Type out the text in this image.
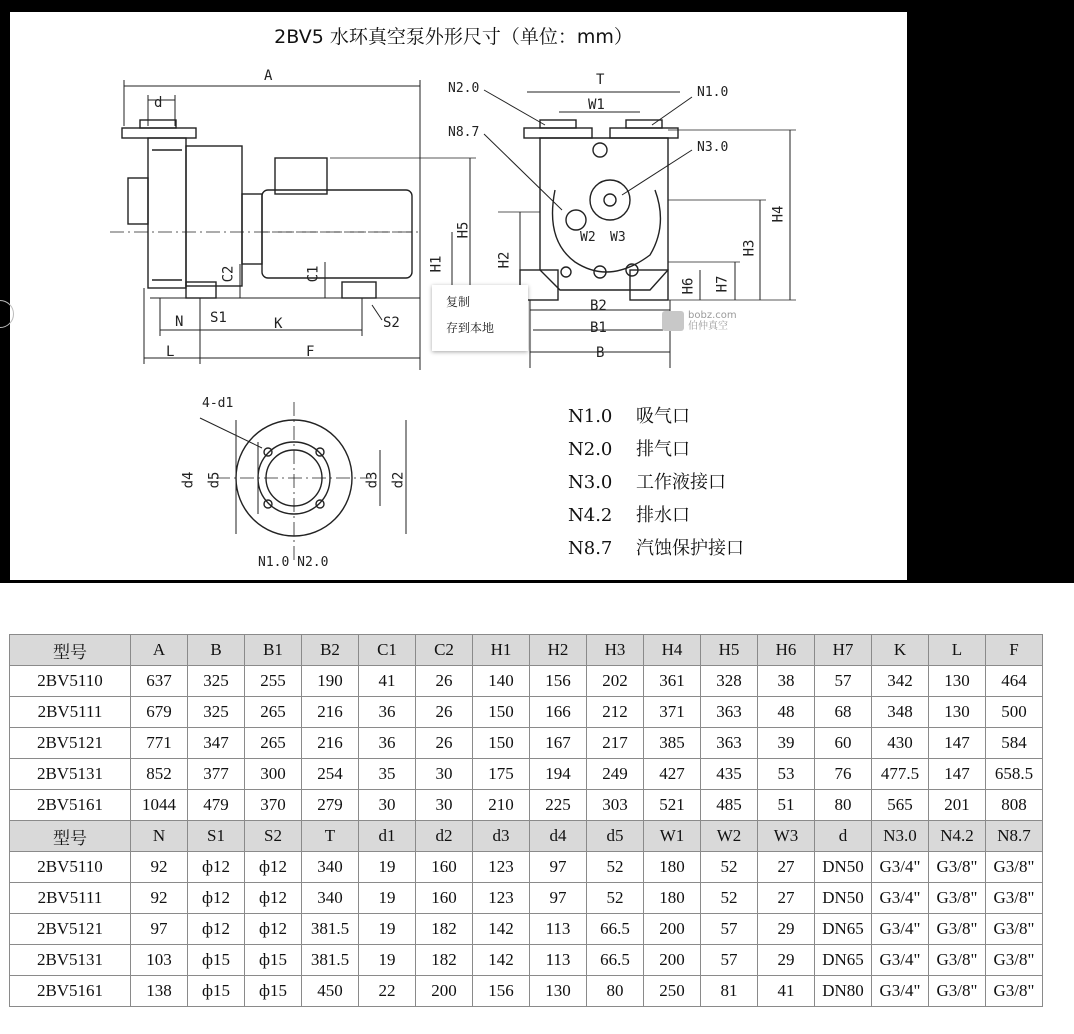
2BV5 水环真空泵外形尺寸（单位：mm）
A
d
H5
H1
C1
C2
N S1	K	S2
L	F
T
W1
N2.0	N1.0
N8.7
N3.0
W2 W3
H2
H3
H4
H6 H7
B2
B1
B
4-d1
d4 d5	d3 d2
N1.0 N2.0
N1.0 吸气口
N2.0 排气口
N3.0 工作液接口
N4.2 排水口
N8.7 汽蚀保护接口
bobz.com
伯仲真空
复制
存到本地
型号	A	B	B1	B2	C1	C2	H1	H2	H3	H4	H5	H6	H7	K	L	F
2BV5110	637	325	255	190	41	26	140	156	202	361	328	38	57	342	130	464
2BV5111	679	325	265	216	36	26	150	166	212	371	363	48	68	348	130	500
2BV5121	771	347	265	216	36	26	150	167	217	385	363	39	60	430	147	584
2BV5131	852	377	300	254	35	30	175	194	249	427	435	53	76	477.5	147	658.5
2BV5161	1044	479	370	279	30	30	210	225	303	521	485	51	80	565	201	808
型号	N	S1	S2	T	d1	d2	d3	d4	d5	W1	W2	W3	d	N3.0	N4.2	N8.7
2BV5110	92	ф12	ф12	340	19	160	123	97	52	180	52	27	DN50	G3/4"	G3/8"	G3/8"
2BV5111	92	ф12	ф12	340	19	160	123	97	52	180	52	27	DN50	G3/4"	G3/8"	G3/8"
2BV5121	97	ф12	ф12	381.5	19	182	142	113	66.5	200	57	29	DN65	G3/4"	G3/8"	G3/8"
2BV5131	103	ф15	ф15	381.5	19	182	142	113	66.5	200	57	29	DN65	G3/4"	G3/8"	G3/8"
2BV5161	138	ф15	ф15	450	22	200	156	130	80	250	81	41	DN80	G3/4"	G3/8"	G3/8"
